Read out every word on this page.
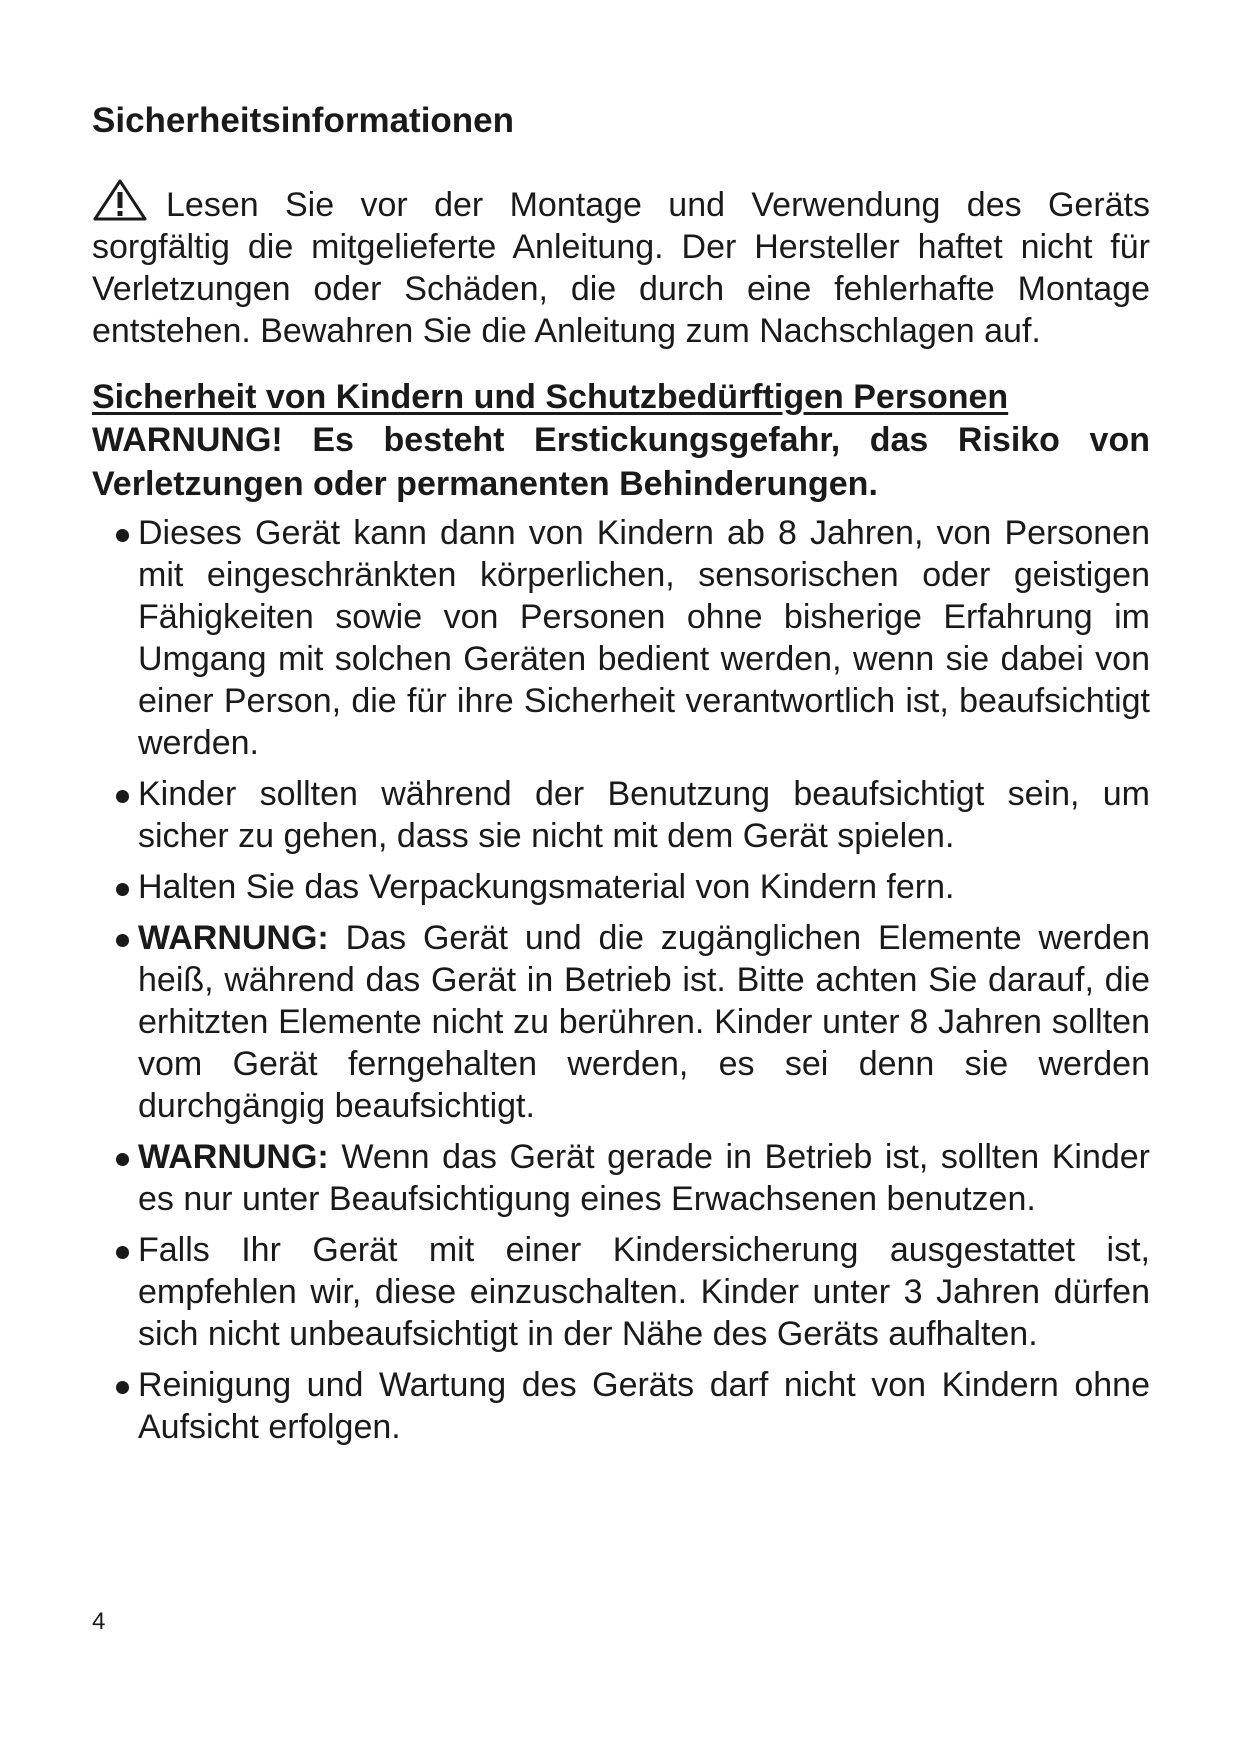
Sicherheitsinformationen

Lesen Sie vor der Montage und Verwendung des Geräts sorgfältig die mitgelieferte Anleitung. Der Hersteller haftet nicht für Verletzungen oder Schäden, die durch eine fehlerhafte Montage entstehen. Bewahren Sie die Anleitung zum Nachschlagen auf.

Sicherheit von Kindern und Schutzbedürftigen Personen

WARNUNG! Es besteht Erstickungsgefahr, das Risiko von Verletzungen oder permanenten Behinderungen.

Dieses Gerät kann dann von Kindern ab 8 Jahren, von Personen mit eingeschränkten körperlichen, sensorischen oder geistigen Fähigkeiten sowie von Personen ohne bisherige Erfahrung im Umgang mit solchen Geräten bedient werden, wenn sie dabei von einer Person, die für ihre Sicherheit verantwortlich ist, beaufsichtigt werden.
Kinder sollten während der Benutzung beaufsichtigt sein, um sicher zu gehen, dass sie nicht mit dem Gerät spielen.
Halten Sie das Verpackungsmaterial von Kindern fern.
WARNUNG: Das Gerät und die zugänglichen Elemente werden heiß, während das Gerät in Betrieb ist. Bitte achten Sie darauf, die erhitzten Elemente nicht zu berühren. Kinder unter 8 Jahren sollten vom Gerät ferngehalten werden, es sei denn sie werden durchgängig beaufsichtigt.
WARNUNG: Wenn das Gerät gerade in Betrieb ist, sollten Kinder es nur unter Beaufsichtigung eines Erwachsenen benutzen.
Falls Ihr Gerät mit einer Kindersicherung ausgestattet ist, empfehlen wir, diese einzuschalten. Kinder unter 3 Jahren dürfen sich nicht unbeaufsichtigt in der Nähe des Geräts aufhalten.
Reinigung und Wartung des Geräts darf nicht von Kindern ohne Aufsicht erfolgen.
4
